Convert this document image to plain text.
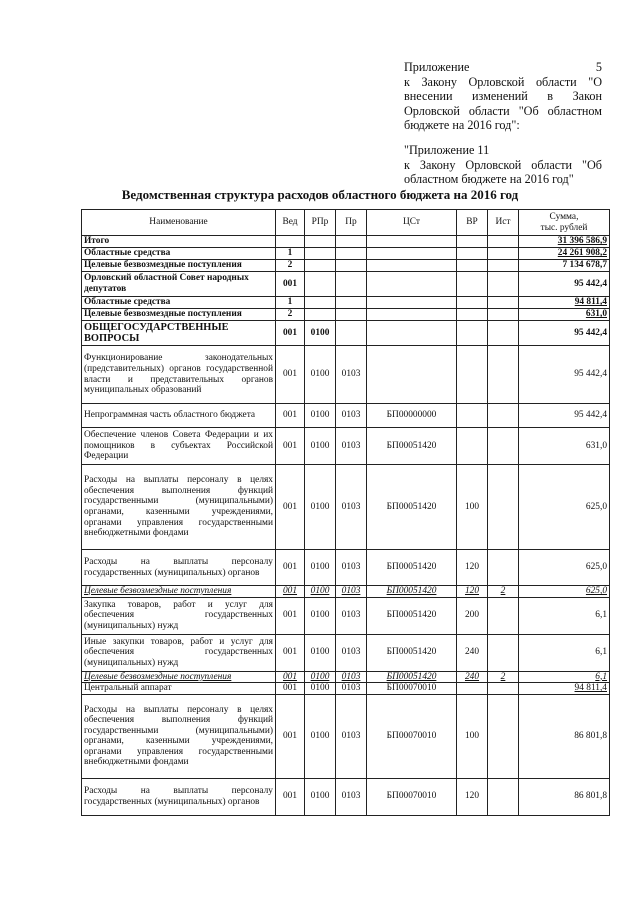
Приложение 5
к Закону Орловской области "О
внесении изменений в Закон
Орловской области "Об областном
бюджете на 2016 год":
"Приложение 11
к Закону Орловской области "Об
областном бюджете на 2016 год"
Ведомственная структура расходов областного бюджета на 2016 год
Наименование	Вед	РПр	Пр	ЦСт	ВР	Ист	Сумма,
тыс. рублей
Итого							31 396 586,9
Областные средства	1						24 261 908,2
Целевые безвозмездные поступления	2						7 134 678,7
Орловский областной Совет народных депутатов	001						95 442,4
Областные средства	1						94 811,4
Целевые безвозмездные поступления	2						631,0
ОБЩЕГОСУДАРСТВЕННЫЕ ВОПРОСЫ	001	0100					95 442,4
Функционирование законодательных (представительных) органов государственной власти и представительных органов муниципальных образований	001	0100	0103				95 442,4
Непрограммная часть областного бюджета	001	0100	0103	БП00000000			95 442,4
Обеспечение членов Совета Федерации и их помощников в субъектах Российской Федерации	001	0100	0103	БП00051420			631,0
Расходы на выплаты персоналу в целях обеспечения выполнения функций государственными (муниципальными) органами, казенными учреждениями, органами управления государственными внебюджетными фондами	001	0100	0103	БП00051420	100		625,0
Расходы на выплаты персоналу государственных (муниципальных) органов	001	0100	0103	БП00051420	120		625,0
Целевые безвозмездные поступления	001	0100	0103	БП00051420	120	2	625,0
Закупка товаров, работ и услуг для обеспечения государственных (муниципальных) нужд	001	0100	0103	БП00051420	200		6,1
Иные закупки товаров, работ и услуг для обеспечения государственных (муниципальных) нужд	001	0100	0103	БП00051420	240		6,1
Целевые безвозмездные поступления	001	0100	0103	БП00051420	240	2	6,1
Центральный аппарат	001	0100	0103	БП00070010			94 811,4
Расходы на выплаты персоналу в целях обеспечения выполнения функций государственными (муниципальными) органами, казенными учреждениями, органами управления государственными внебюджетными фондами	001	0100	0103	БП00070010	100		86 801,8
Расходы на выплаты персоналу государственных (муниципальных) органов	001	0100	0103	БП00070010	120		86 801,8
